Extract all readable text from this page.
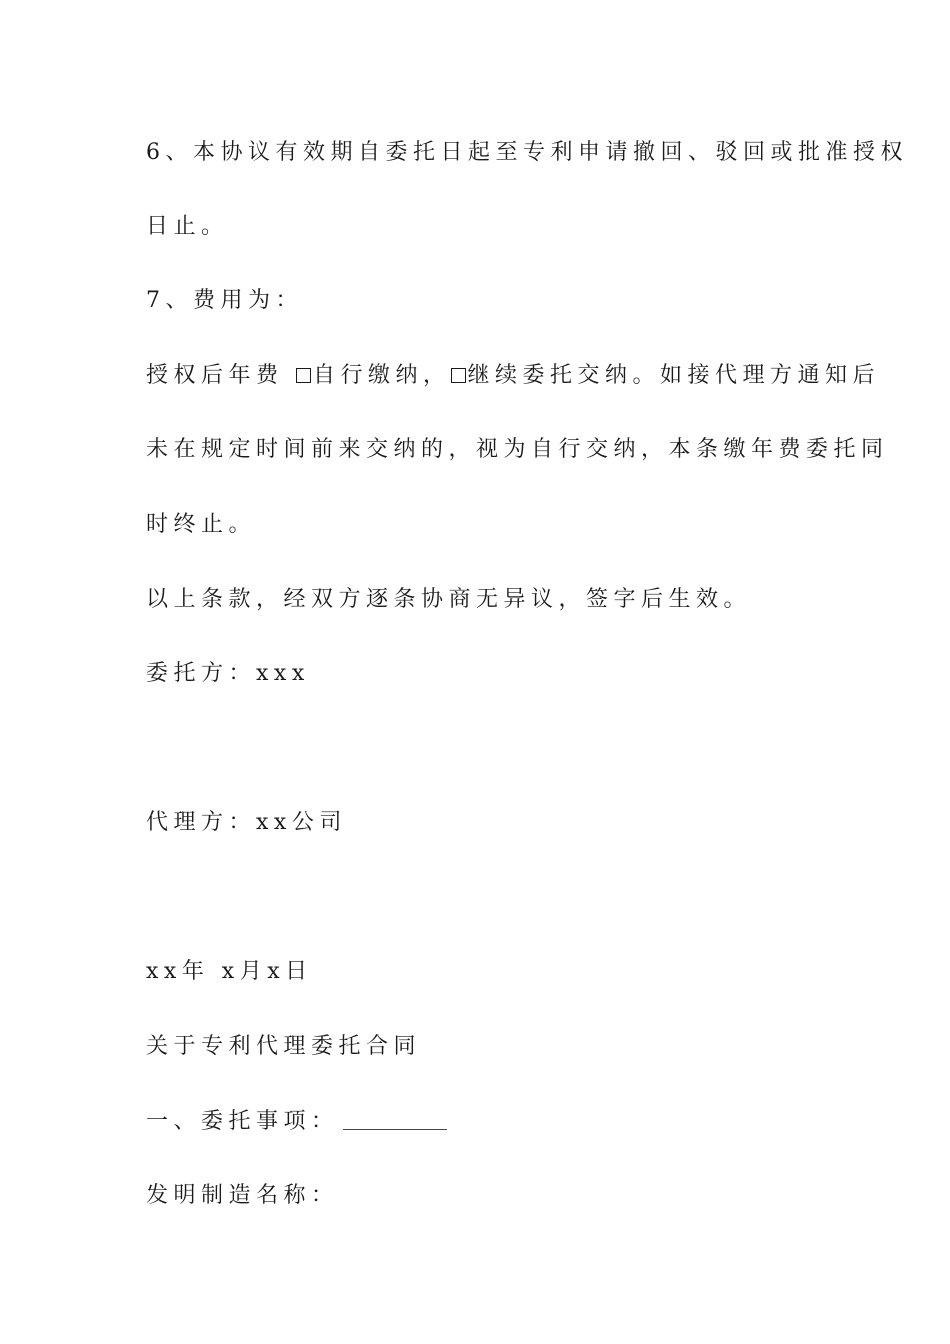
6、本协议有效期自委托日起至专利申请撤回、驳回或批准授权
日止。
7、费用为：
授权后年费 自行缴纳， 继续委托交纳。如接代理方通知后
未在规定时间前来交纳的，视为自行交纳，本条缴年费委托同
时终止。
以上条款，经双方逐条协商无异议，签字后生效。
委托方：xxx
代理方：xx公司
xx年 x月x日
关于专利代理委托合同
一、委托事项：
发明制造名称：
